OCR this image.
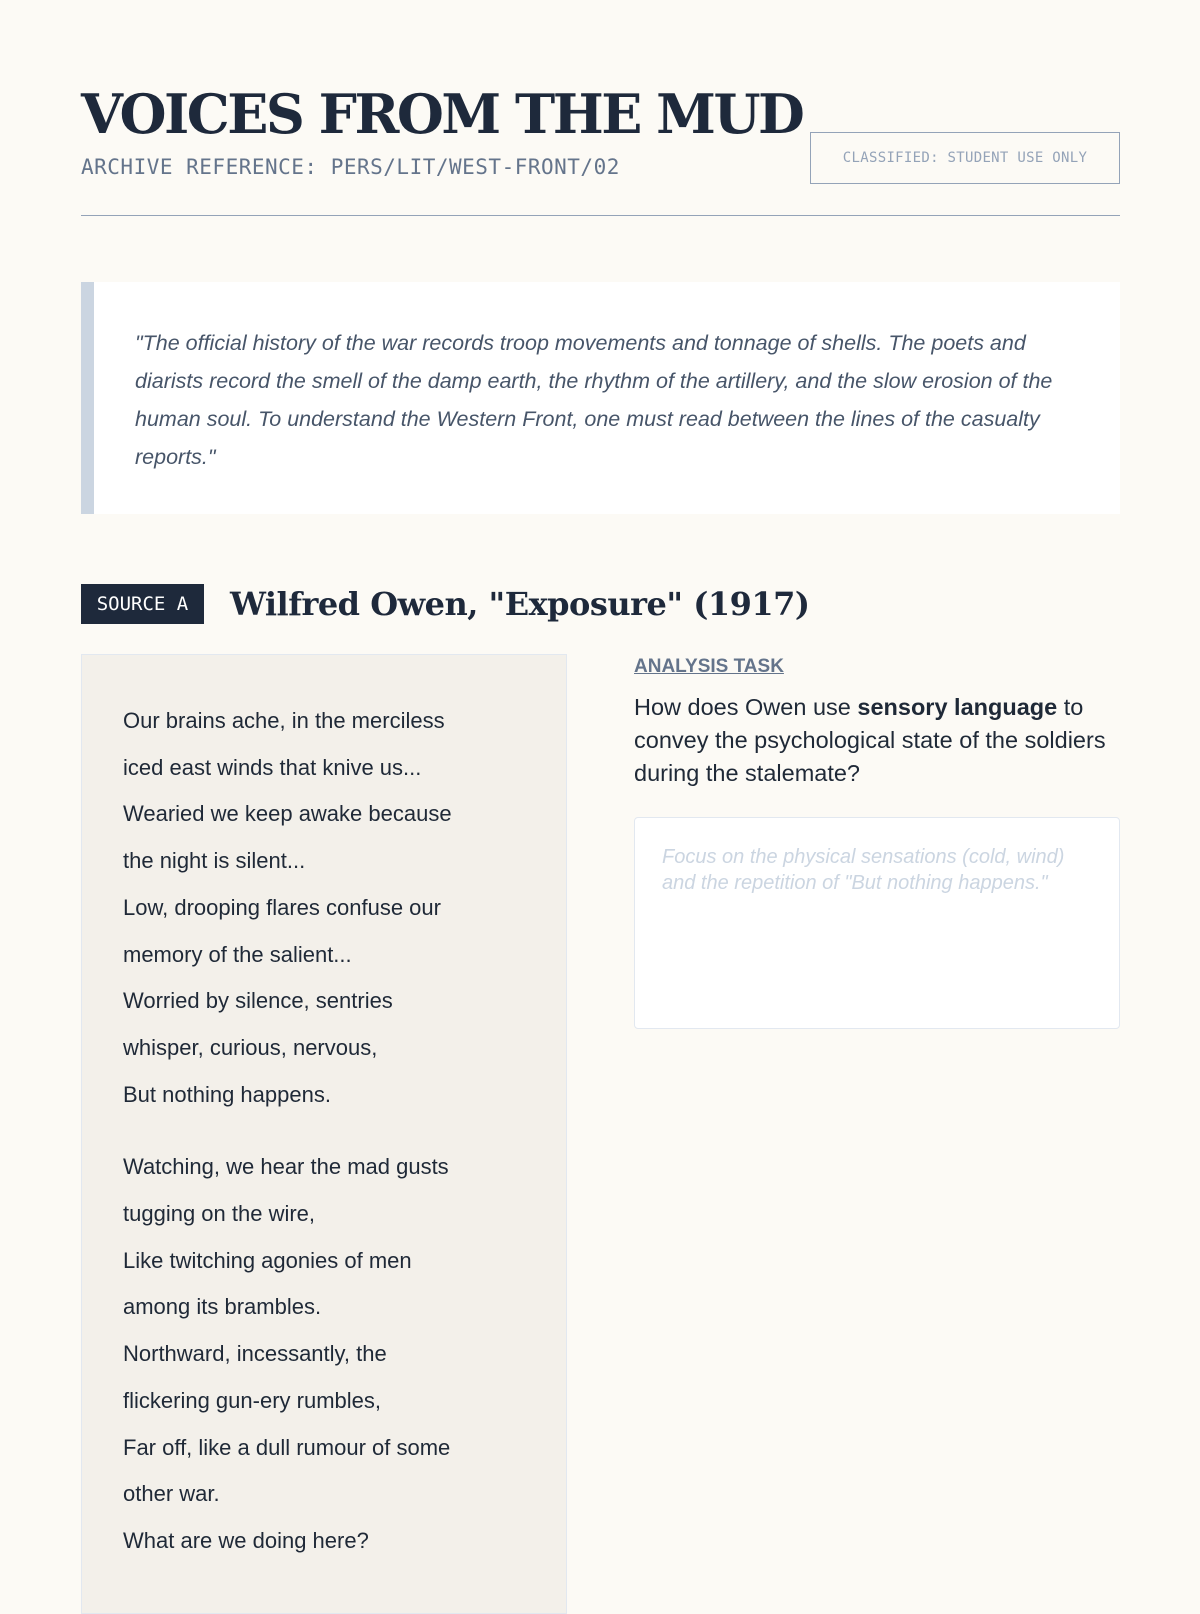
VOICES FROM THE MUD
ARCHIVE REFERENCE: PERS/LIT/WEST-FRONT/02	CLASSIFIED: STUDENT USE ONLY

"The official history of the war records troop movements and tonnage of shells. The poets and diarists record the smell of the damp earth, the rhythm of the artillery, and the slow erosion of the human soul. To understand the Western Front, one must read between the lines of the casualty reports."

SOURCE A	Wilfred Owen, "Exposure" (1917)
Our brains ache, in the merciless
iced east winds that knive us...
Wearied we keep awake because
the night is silent...
Low, drooping flares confuse our
memory of the salient...
Worried by silence, sentries
whisper, curious, nervous,
But nothing happens.
Watching, we hear the mad gusts
tugging on the wire,
Like twitching agonies of men
among its brambles.
Northward, incessantly, the
flickering gun-ery rumbles,
Far off, like a dull rumour of some
other war.
What are we doing here?
ANALYSIS TASK

How does Owen use sensory language to convey the psychological state of the soldiers during the stalemate?

Focus on the physical sensations (cold, wind) and the repetition of "But nothing happens."
